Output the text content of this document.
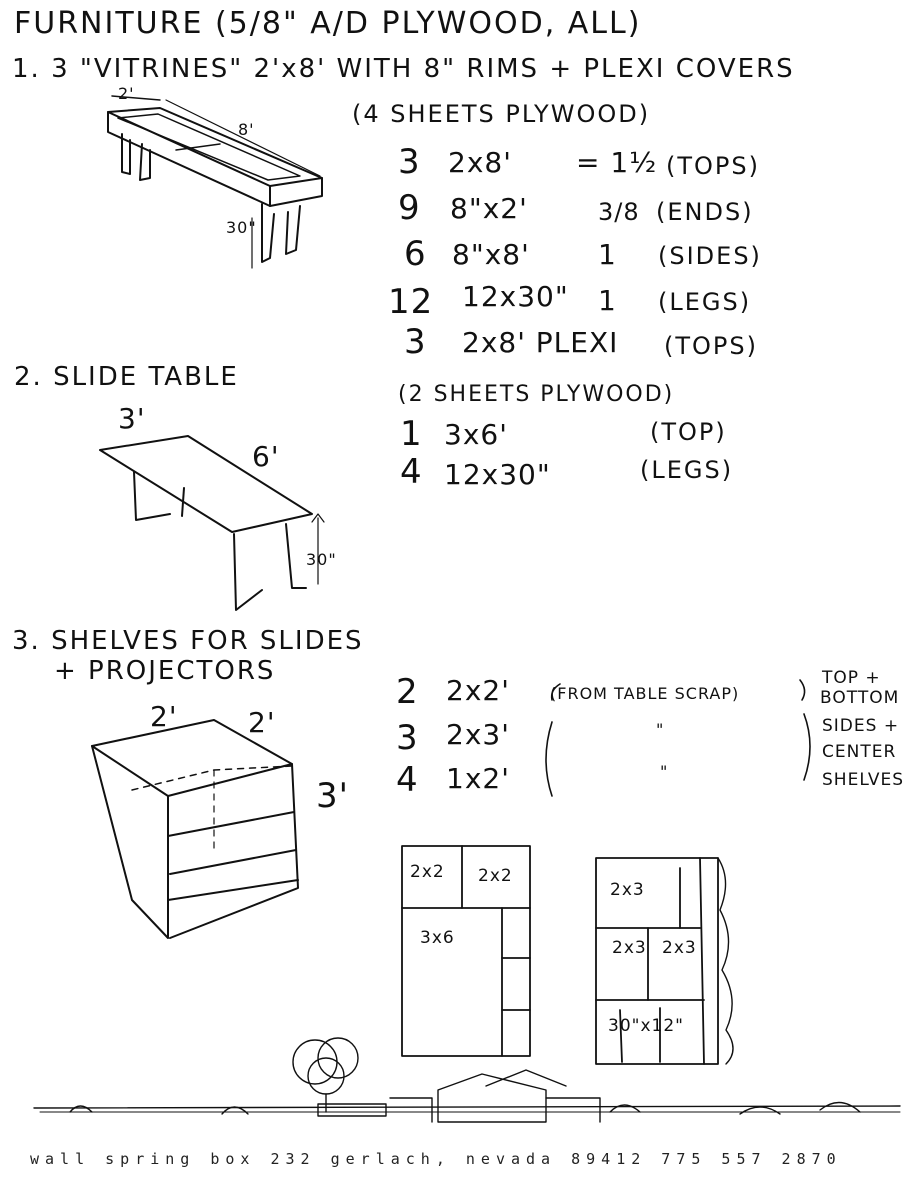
FURNITURE (5/8" A/D PLYWOOD, ALL)
1. 3 "VITRINES" 2'x8' WITH 8" RIMS + PLEXI COVERS
(4 SHEETS PLYWOOD)
2'
8'
30"
3 2x8' = 1½ (TOPS)
9 8"x2'	3/8 (ENDS)
6 8"x8' 1 (SIDES)
12 12x30" 1 (LEGS)
3 2x8' PLEXI (TOPS)
2. SLIDE TABLE
(2 SHEETS PLYWOOD)
3'
6'
30"
1 3x6'	(TOP)
4 12x30"	(LEGS)
3. SHELVES FOR SLIDES
+ PROJECTORS
2'	2'
3'
2 2x2'	(FROM TABLE SCRAP)
3 2x3'	"
4 1x2'	"
TOP +
BOTTOM
SIDES +
CENTER
SHELVES
2x2 2x2
3x6
2x3
2x3 2x3
30"x12"
wall spring box 232 gerlach, nevada 89412 775 557 2870
